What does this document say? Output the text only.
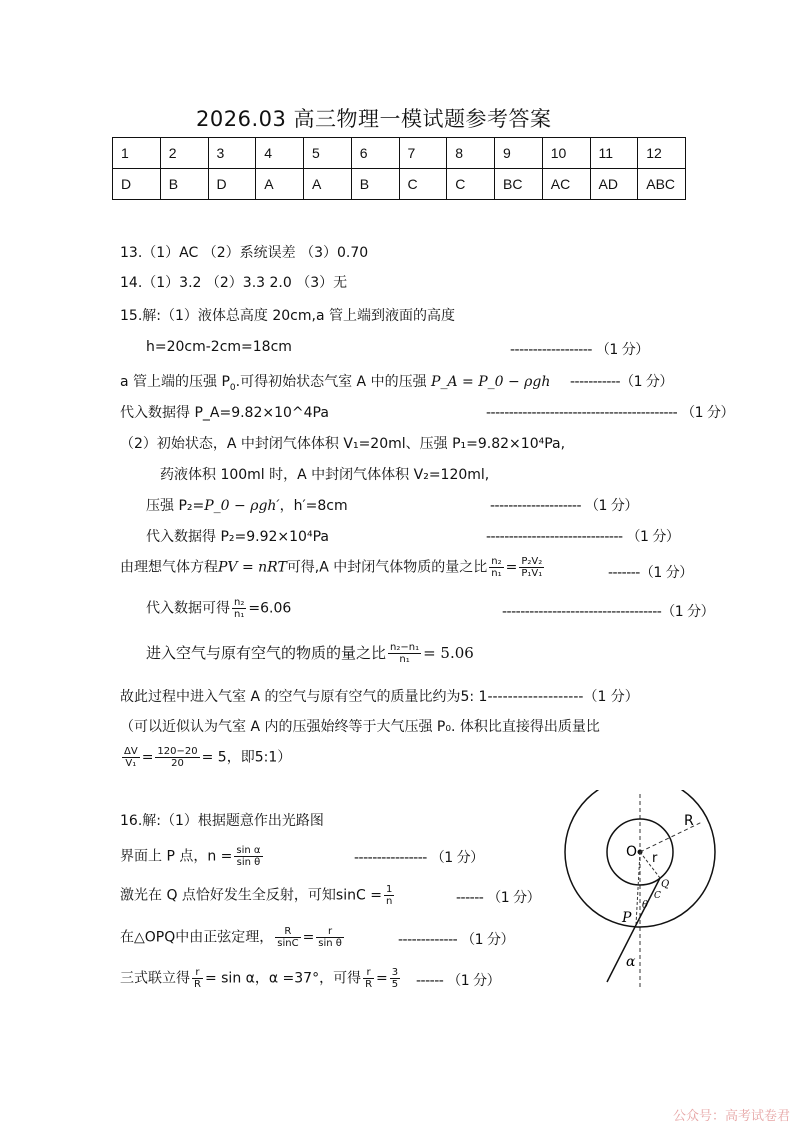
2026.03 高三物理一模试题参考答案
1	2	3	4	5	6	7	8	9	10	11	12
D	B	D	A	A	B	C	C	BC	AC	AD	ABC
13.（1）AC （2）系统误差 （3）0.70
14.（1）3.2 （2）3.3 2.0 （3）无
15.解:（1）液体总高度 20cm,a 管上端到液面的高度
h=20cm-2cm=18cm	------------------ （1 分）
a 管上端的压强 $P_0$.可得初始状态气室 A 中的压强 P_A = P_0 − ρgh -----------（1 分）
代入数据得 P_A=9.82×10^4Pa	------------------------------------------ （1 分）
（2）初始状态，A 中封闭气体体积 V₁=20ml、压强 P₁=9.82×10⁴Pa,
药液体积 100ml 时，A 中封闭气体体积 V₂=120ml,
压强 P₂=P_0 − ρgh′，h′=8cm	-------------------- （1 分）
代入数据得 P₂=9.92×10⁴Pa	------------------------------ （1 分）
由理想气体方程PV = nRT可得,A 中封闭气体物质的量之比 $\frac{\text{n₂}}{\text{n₁}} = \frac{\text{P₂V₂}}{\text{P₁V₁}}$	-------（1 分）
代入数据可得 $\frac{\text{n₂}}{\text{n₁}} =6.06$	-----------------------------------（1 分）
进入空气与原有空气的物质的量之比 $\frac{\text{n₂−n₁}}{\text{n₁}} = 5.06$
故此过程中进入气室 A 的空气与原有空气的质量比约为5: 1-------------------（1 分）
（可以近似认为气室 A 内的压强始终等于大气压强 P₀. 体积比直接得出质量比
$\frac{\Delta V}{\text{V₁}} = \frac{120-20}{20} = 5$，即5:1）
16.解:（1）根据题意作出光路图
界面上 P 点，$n = \frac{\text{sin α}}{\text{sin θ}}$	---------------- （1 分）
激光在 Q 点恰好发生全反射，可知$\sin C = \frac{1}{n}$	------ （1 分）
在△OPQ中由正弦定理， $\frac{R}{\sin C} = \frac{r}{\text{sin θ}}$	------------- （1 分）
三式联立得 $\frac{r}{R} = \sin \alpha$，α =37°，可得 $\frac{r}{R} = \frac{3}{5}$ ------ （1 分）
R
O r
Q
C
θ
P
α
公众号：高考试卷君
